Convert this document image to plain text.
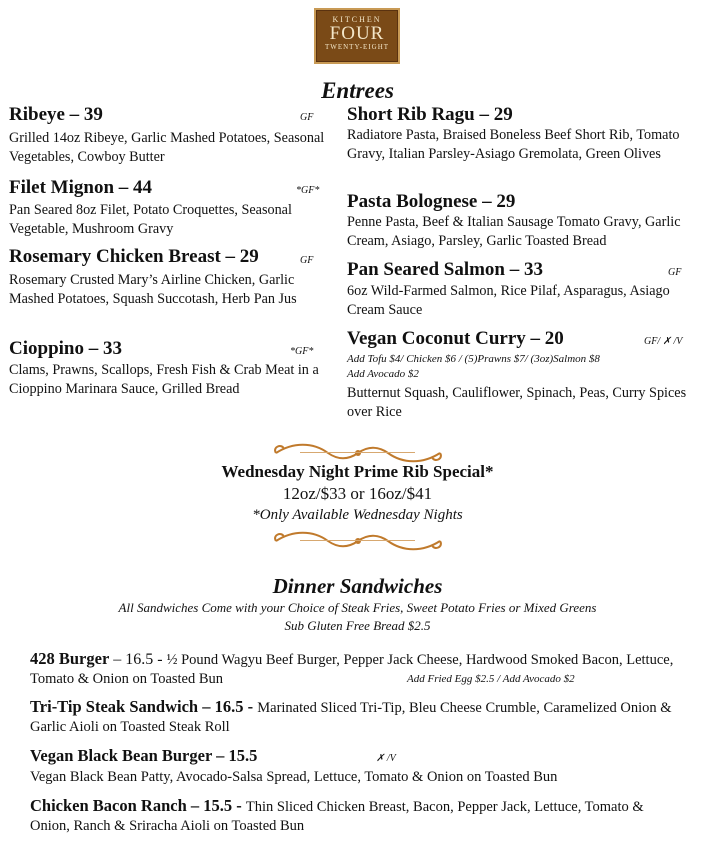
KITCHEN
FOUR
TWENTY-EIGHT
Entrees
Ribeye – 39	GF
Grilled 14oz Ribeye, Garlic Mashed Potatoes, Seasonal Vegetables, Cowboy Butter
Filet Mignon – 44	*GF*
Pan Seared 8oz Filet, Potato Croquettes, Seasonal Vegetable, Mushroom Gravy
Rosemary Chicken Breast – 29	GF
Rosemary Crusted Mary’s Airline Chicken, Garlic Mashed Potatoes, Squash Succotash, Herb Pan Jus
Cioppino – 33	*GF*
Clams, Prawns, Scallops, Fresh Fish & Crab Meat in a Cioppino Marinara Sauce, Grilled Bread
Short Rib Ragu – 29
Radiatore Pasta, Braised Boneless Beef Short Rib, Tomato Gravy, Italian Parsley-Asiago Gremolata, Green Olives
Pasta Bolognese – 29
Penne Pasta, Beef & Italian Sausage Tomato Gravy, Garlic Cream, Asiago, Parsley, Garlic Toasted Bread
Pan Seared Salmon – 33	GF
6oz Wild-Farmed Salmon, Rice Pilaf, Asparagus, Asiago Cream Sauce
Vegan Coconut Curry – 20	GF/ ✗ /V
Add Tofu $4/ Chicken $6 / (5)Prawns $7/ (3oz)Salmon $8
Add Avocado $2
Butternut Squash, Cauliflower, Spinach, Peas, Curry Spices over Rice
Wednesday Night Prime Rib Special*
12oz/$33 or 16oz/$41
*Only Available Wednesday Nights
Dinner Sandwiches
All Sandwiches Come with your Choice of Steak Fries, Sweet Potato Fries or Mixed Greens
Sub Gluten Free Bread $2.5
428 Burger – 16.5 - ½ Pound Wagyu Beef Burger, Pepper Jack Cheese, Hardwood Smoked Bacon, Lettuce, Tomato & Onion on Toasted Bun	Add Fried Egg $2.5 / Add Avocado $2
Tri-Tip Steak Sandwich – 16.5 - Marinated Sliced Tri-Tip, Bleu Cheese Crumble, Caramelized Onion & Garlic Aioli on Toasted Steak Roll
Vegan Black Bean Burger – 15.5	✗ /V
Vegan Black Bean Patty, Avocado-Salsa Spread, Lettuce, Tomato & Onion on Toasted Bun
Chicken Bacon Ranch – 15.5 - Thin Sliced Chicken Breast, Bacon, Pepper Jack, Lettuce, Tomato & Onion, Ranch & Sriracha Aioli on Toasted Bun
